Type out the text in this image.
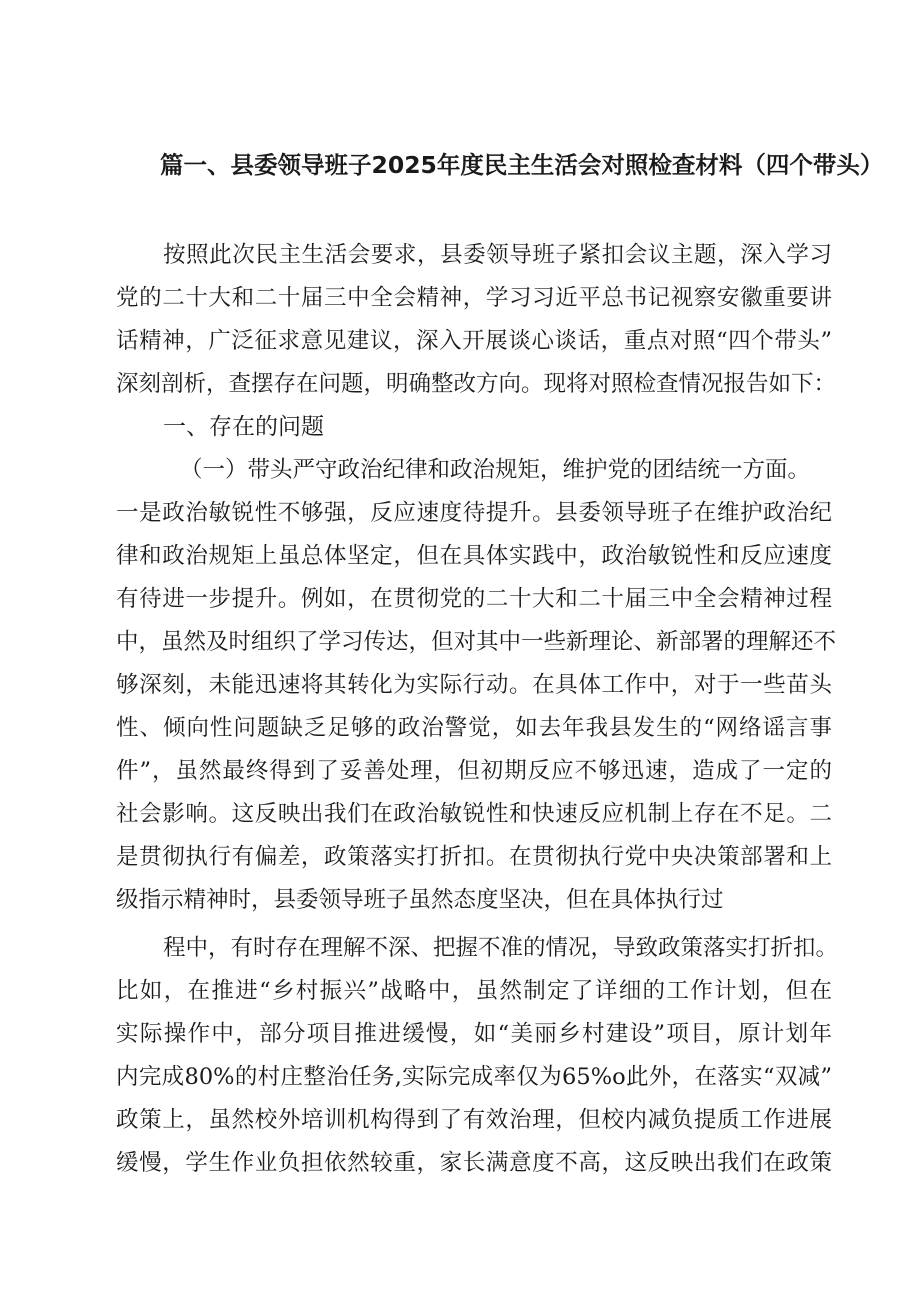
篇一、县委领导班子2025年度民主生活会对照检查材料（四个带头）

按照此次民主生活会要求，县委领导班子紧扣会议主题，深入学习

党的二十大和二十届三中全会精神，学习习近平总书记视察安徽重要讲

话精神，广泛征求意见建议，深入开展谈心谈话，重点对照“四个带头”

深刻剖析，查摆存在问题，明确整改方向。现将对照检查情况报告如下：

一、存在的问题

（一）带头严守政治纪律和政治规矩，维护党的团结统一方面。

一是政治敏锐性不够强，反应速度待提升。县委领导班子在维护政治纪

律和政治规矩上虽总体坚定，但在具体实践中，政治敏锐性和反应速度

有待进一步提升。例如，在贯彻党的二十大和二十届三中全会精神过程

中，虽然及时组织了学习传达，但对其中一些新理论、新部署的理解还不

够深刻，未能迅速将其转化为实际行动。在具体工作中，对于一些苗头

性、倾向性问题缺乏足够的政治警觉，如去年我县发生的“网络谣言事

件”，虽然最终得到了妥善处理，但初期反应不够迅速，造成了一定的

社会影响。这反映出我们在政治敏锐性和快速反应机制上存在不足。二

是贯彻执行有偏差，政策落实打折扣。在贯彻执行党中央决策部署和上

级指示精神时，县委领导班子虽然态度坚决，但在具体执行过

程中，有时存在理解不深、把握不准的情况，导致政策落实打折扣。

比如，在推进“乡村振兴”战略中，虽然制定了详细的工作计划，但在

实际操作中，部分项目推进缓慢，如“美丽乡村建设”项目，原计划年

内完成80%的村庄整治任务,实际完成率仅为65%o此外，在落实“双减”

政策上，虽然校外培训机构得到了有效治理，但校内减负提质工作进展

缓慢，学生作业负担依然较重，家长满意度不高，这反映出我们在政策
